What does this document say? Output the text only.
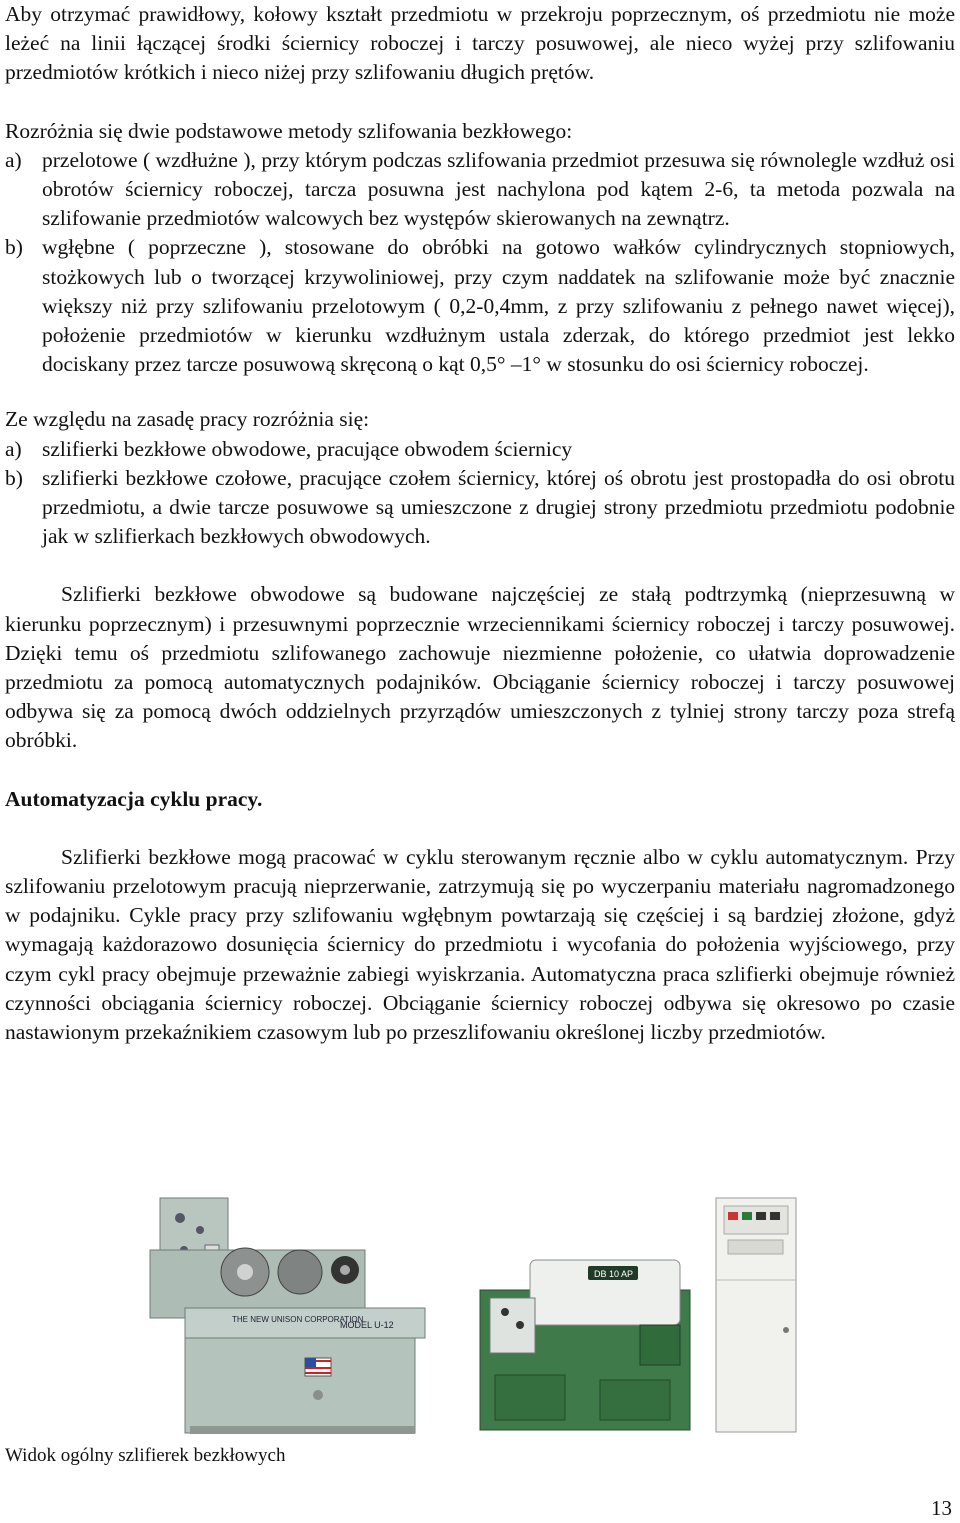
Aby otrzymać prawidłowy, kołowy kształt przedmiotu w przekroju poprzecznym, oś przedmiotu nie może leżeć na linii łączącej środki ściernicy roboczej i tarczy posuwowej, ale nieco wyżej przy szlifowaniu przedmiotów krótkich i nieco niżej przy szlifowaniu długich prętów.

Rozróżnia się dwie podstawowe metody szlifowania bezkłowego:

a) przelotowe ( wzdłużne ), przy którym podczas szlifowania przedmiot przesuwa się równolegle wzdłuż osi obrotów ściernicy roboczej, tarcza posuwna jest nachylona pod kątem 2-6, ta metoda pozwala na szlifowanie przedmiotów walcowych bez występów skierowanych na zewnątrz.
b) wgłębne ( poprzeczne ), stosowane do obróbki na gotowo wałków cylindrycznych stopniowych, stożkowych lub o tworzącej krzywoliniowej, przy czym naddatek na szlifowanie może być znacznie większy niż przy szlifowaniu przelotowym ( 0,2-0,4mm, z przy szlifowaniu z pełnego nawet więcej), położenie przedmiotów w kierunku wzdłużnym ustala zderzak, do którego przedmiot jest lekko dociskany przez tarcze posuwową skręconą o kąt 0,5° –1° w stosunku do osi ściernicy roboczej.

Ze względu na zasadę pracy rozróżnia się:

a) szlifierki bezkłowe obwodowe, pracujące obwodem ściernicy
b) szlifierki bezkłowe czołowe, pracujące czołem ściernicy, której oś obrotu jest prostopadła do osi obrotu przedmiotu, a dwie tarcze posuwowe są umieszczone z drugiej strony przedmiotu przedmiotu podobnie jak w szlifierkach bezkłowych obwodowych.

Szlifierki bezkłowe obwodowe są budowane najczęściej ze stałą podtrzymką (nieprzesuwną w kierunku poprzecznym) i przesuwnymi poprzecznie wrzeciennikami ściernicy roboczej i tarczy posuwowej. Dzięki temu oś przedmiotu szlifowanego zachowuje niezmienne położenie, co ułatwia doprowadzenie przedmiotu za pomocą automatycznych podajników. Obciąganie ściernicy roboczej i tarczy posuwowej odbywa się za pomocą dwóch oddzielnych przyrządów umieszczonych z tylniej strony tarczy poza strefą obróbki.

Automatyzacja cyklu pracy.

Szlifierki bezkłowe mogą pracować w cyklu sterowanym ręcznie albo w cyklu automatycznym. Przy szlifowaniu przelotowym pracują nieprzerwanie, zatrzymują się po wyczerpaniu materiału nagromadzonego w podajniku. Cykle pracy przy szlifowaniu wgłębnym powtarzają się częściej i są bardziej złożone, gdyż wymagają każdorazowo dosunięcia ściernicy do przedmiotu i wycofania do położenia wyjściowego, przy czym cykl pracy obejmuje przeważnie zabiegi wyiskrzania. Automatyczna praca szlifierki obejmuje również czynności obciągania ściernicy roboczej. Obciąganie ściernicy roboczej odbywa się okresowo po czasie nastawionym przekaźnikiem czasowym lub po przeszlifowaniu określonej liczby przedmiotów.

THE NEW UNISON CORPORATION
MODEL U-12
DB 10 AP
Widok ogólny szlifierek bezkłowych
13
